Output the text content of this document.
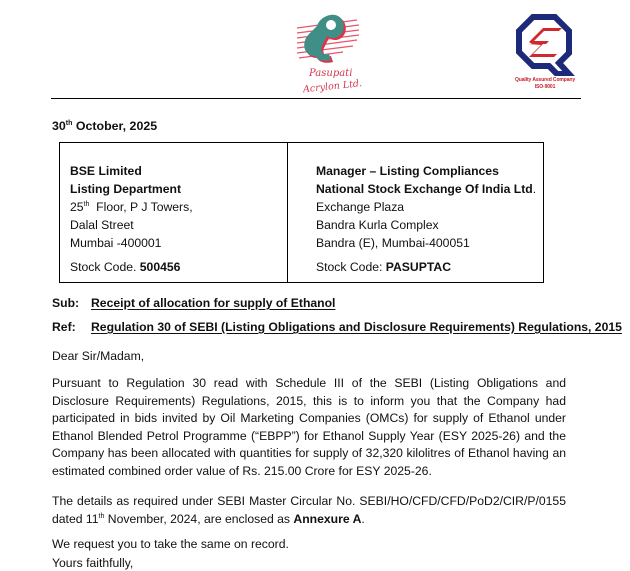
Pasupati
Acrylon Ltd.	Quality Assured Company
ISO-9001
30th October, 2025
BSE Limited
Listing Department
25th  Floor, P J Towers,
Dalal Street
Mumbai -400001
Stock Code. 500456
Manager – Listing Compliances
National Stock Exchange Of India Ltd.
Exchange Plaza
Bandra Kurla Complex
Bandra (E), Mumbai-400051
Stock Code: PASUPTAC
Sub: Receipt of allocation for supply of Ethanol
Ref: Regulation 30 of SEBI (Listing Obligations and Disclosure Requirements) Regulations, 2015
Dear Sir/Madam,
Pursuant to Regulation 30 read with Schedule III of the SEBI (Listing Obligations and Disclosure Requirements) Regulations, 2015, this is to inform you that the Company had participated in bids invited by Oil Marketing Companies (OMCs) for supply of Ethanol under Ethanol Blended Petrol Programme (“EBPP”) for Ethanol Supply Year (ESY 2025-26) and the Company has been allocated with quantities for supply of 32,320 kilolitres of Ethanol having an estimated combined order value of Rs. 215.00 Crore for ESY 2025-26.
The details as required under SEBI Master Circular No. SEBI/HO/CFD/CFD/PoD2/CIR/P/0155 dated 11th November, 2024, are enclosed as Annexure A.
We request you to take the same on record.
Yours faithfully,
